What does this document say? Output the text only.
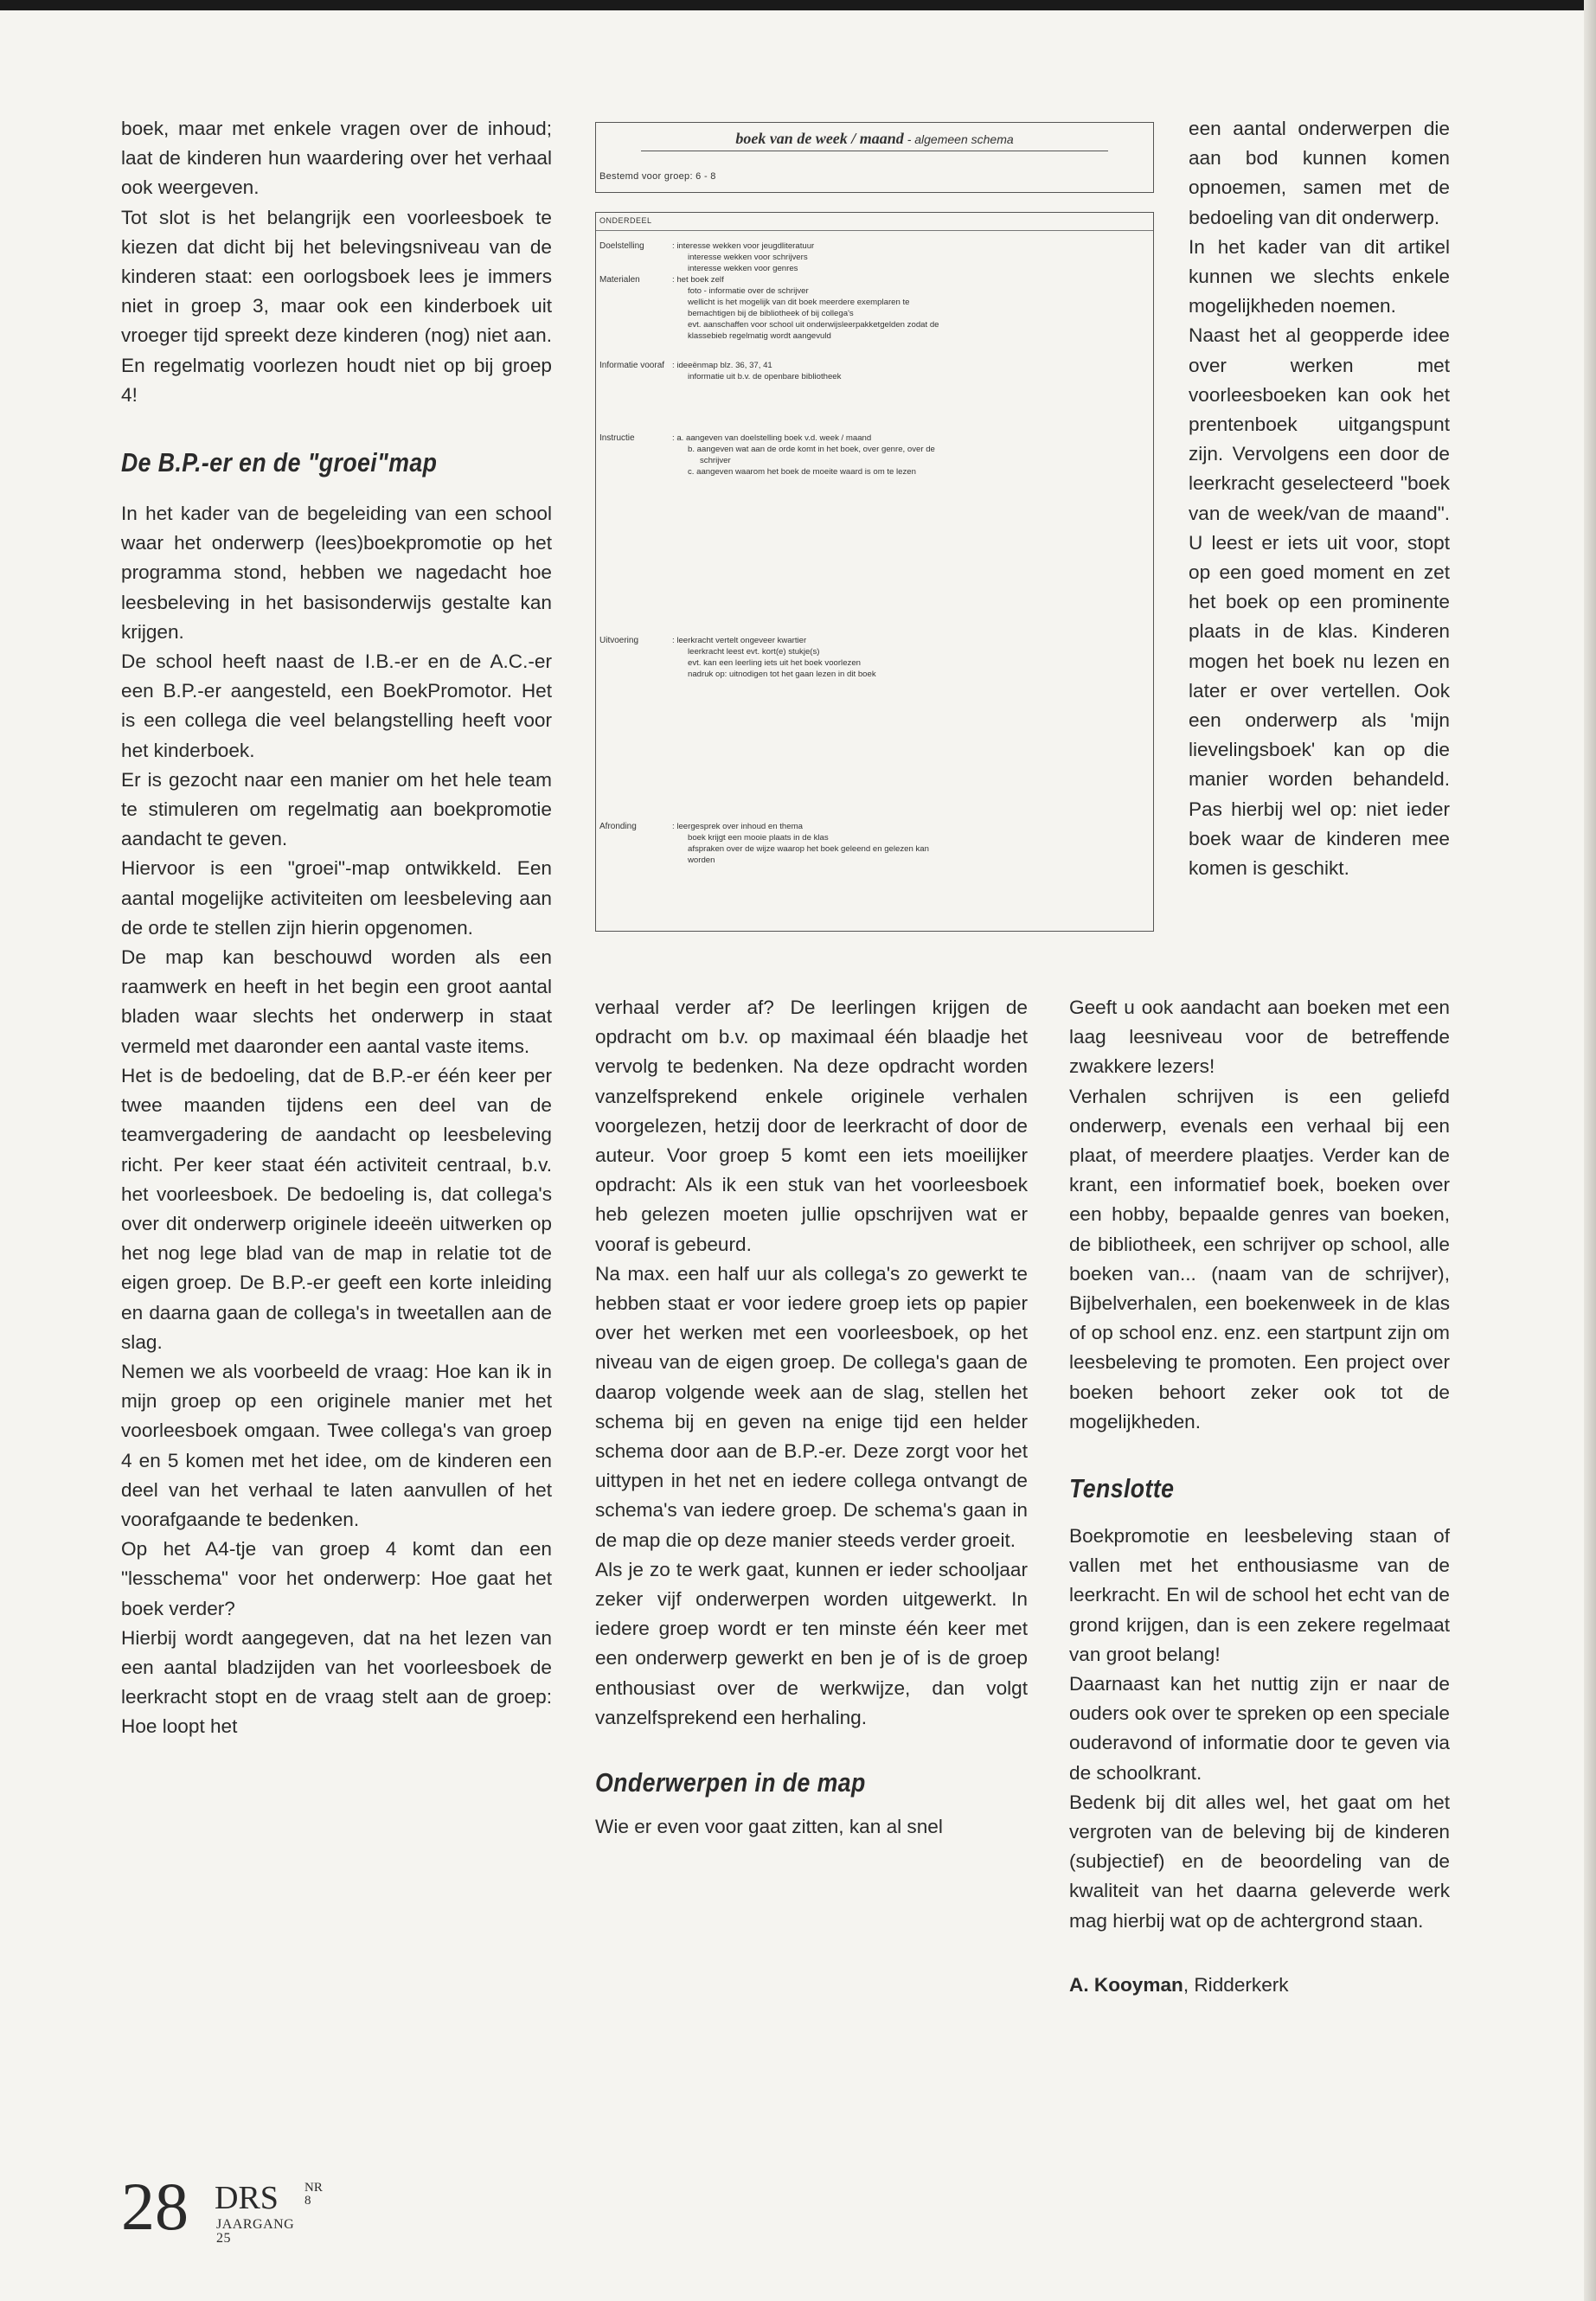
boek, maar met enkele vragen over de inhoud; laat de kinderen hun waardering over het verhaal ook weergeven.

Tot slot is het belangrijk een voorleesboek te kiezen dat dicht bij het belevingsniveau van de kinderen staat: een oorlogsboek lees je immers niet in groep 3, maar ook een kinderboek uit vroeger tijd spreekt deze kinderen (nog) niet aan. En regelmatig voorlezen houdt niet op bij groep 4!

De B.P.-er en de "groei"map

In het kader van de begeleiding van een school waar het onderwerp (lees)boekpromotie op het programma stond, hebben we nagedacht hoe leesbeleving in het basisonderwijs gestalte kan krijgen.

De school heeft naast de I.B.-er en de A.C.-er een B.P.-er aangesteld, een BoekPromotor. Het is een collega die veel belangstelling heeft voor het kinderboek.

Er is gezocht naar een manier om het hele team te stimuleren om regelmatig aan boekpromotie aandacht te geven.

Hiervoor is een "groei"-map ontwikkeld. Een aantal mogelijke activiteiten om leesbeleving aan de orde te stellen zijn hierin opgenomen.

De map kan beschouwd worden als een raamwerk en heeft in het begin een groot aantal bladen waar slechts het onderwerp in staat vermeld met daaronder een aantal vaste items.

Het is de bedoeling, dat de B.P.-er één keer per twee maanden tijdens een deel van de teamvergadering de aandacht op leesbeleving richt. Per keer staat één activiteit centraal, b.v. het voorleesboek. De bedoeling is, dat collega's over dit onderwerp originele ideeën uitwerken op het nog lege blad van de map in relatie tot de eigen groep. De B.P.-er geeft een korte inleiding en daarna gaan de collega's in tweetallen aan de slag.

Nemen we als voorbeeld de vraag: Hoe kan ik in mijn groep op een originele manier met het voorleesboek omgaan. Twee collega's van groep 4 en 5 komen met het idee, om de kinderen een deel van het verhaal te laten aanvullen of het voorafgaande te bedenken.

Op het A4-tje van groep 4 komt dan een "lesschema" voor het onderwerp: Hoe gaat het boek verder?

Hierbij wordt aangegeven, dat na het lezen van een aantal bladzijden van het voorleesboek de leerkracht stopt en de vraag stelt aan de groep: Hoe loopt het

boek van de week / maand - algemeen schema
Bestemd voor groep: 6 - 8
ONDERDEEL
Doelstelling	: interesse wekken voor jeugdliteratuur
interesse wekken voor schrijvers
interesse wekken voor genres
Materialen	: het boek zelf
foto - informatie over de schrijver
wellicht is het mogelijk van dit boek meerdere exemplaren te
bemachtigen bij de bibliotheek of bij collega's
evt. aanschaffen voor school uit onderwijsleerpakketgelden zodat de
klassebieb regelmatig wordt aangevuld
Informatie vooraf : ideeënmap blz. 36, 37, 41
informatie uit b.v. de openbare bibliotheek
Instructie	: a. aangeven van doelstelling boek v.d. week / maand
b. aangeven wat aan de orde komt in het boek, over genre, over de
schrijver
c. aangeven waarom het boek de moeite waard is om te lezen
Uitvoering	: leerkracht vertelt ongeveer kwartier
leerkracht leest evt. kort(e) stukje(s)
evt. kan een leerling iets uit het boek voorlezen
nadruk op: uitnodigen tot het gaan lezen in dit boek
Afronding	: leergesprek over inhoud en thema
boek krijgt een mooie plaats in de klas
afspraken over de wijze waarop het boek geleend en gelezen kan
worden

verhaal verder af? De leerlingen krijgen de opdracht om b.v. op maximaal één blaadje het vervolg te bedenken. Na deze opdracht worden vanzelfsprekend enkele originele verhalen voorgelezen, hetzij door de leerkracht of door de auteur. Voor groep 5 komt een iets moeilijker opdracht: Als ik een stuk van het voorleesboek heb gelezen moeten jullie opschrijven wat er vooraf is gebeurd.

Na max. een half uur als collega's zo gewerkt te hebben staat er voor iedere groep iets op papier over het werken met een voorleesboek, op het niveau van de eigen groep. De collega's gaan de daarop volgende week aan de slag, stellen het schema bij en geven na enige tijd een helder schema door aan de B.P.-er. Deze zorgt voor het uittypen in het net en iedere collega ontvangt de schema's van iedere groep. De schema's gaan in de map die op deze manier steeds verder groeit.

Als je zo te werk gaat, kunnen er ieder schooljaar zeker vijf onderwerpen worden uitgewerkt. In iedere groep wordt er ten minste één keer met een onderwerp gewerkt en ben je of is de groep enthousiast over de werkwijze, dan volgt vanzelfsprekend een herhaling.

Onderwerpen in de map

Wie er even voor gaat zitten, kan al snel

een aantal onderwerpen die aan bod kunnen komen opnoemen, samen met de bedoeling van dit onderwerp.

In het kader van dit artikel kunnen we slechts enkele mogelijkheden noemen.

Naast het al geopperde idee over werken met voorleesboeken kan ook het prentenboek uitgangspunt zijn. Vervolgens een door de leerkracht geselecteerd "boek van de week/van de maand". U leest er iets uit voor, stopt op een goed moment en zet het boek op een prominente plaats in de klas. Kinderen mogen het boek nu lezen en later er over vertellen. Ook een onderwerp als 'mijn lievelingsboek' kan op die manier worden behandeld. Pas hierbij wel op: niet ieder boek waar de kinderen mee komen is geschikt.

Geeft u ook aandacht aan boeken met een laag leesniveau voor de betreffende zwakkere lezers!

Verhalen schrijven is een geliefd onderwerp, evenals een verhaal bij een plaat, of meerdere plaatjes. Verder kan de krant, een informatief boek, boeken over een hobby, bepaalde genres van boeken, de bibliotheek, een schrijver op school, alle boeken van... (naam van de schrijver), Bijbelverhalen, een boekenweek in de klas of op school enz. enz. een startpunt zijn om leesbeleving te promoten. Een project over boeken behoort zeker ook tot de mogelijkheden.

Tenslotte

Boekpromotie en leesbeleving staan of vallen met het enthousiasme van de leerkracht. En wil de school het echt van de grond krijgen, dan is een zekere regelmaat van groot belang!

Daarnaast kan het nuttig zijn er naar de ouders ook over te spreken op een speciale ouderavond of informatie door te geven via de schoolkrant.

Bedenk bij dit alles wel, het gaat om het vergroten van de beleving bij de kinderen (subjectief) en de beoordeling van de kwaliteit van het daarna geleverde werk mag hierbij wat op de achtergrond staan.

A. Kooyman, Ridderkerk

28 DRS NR 8
JAARGANG 25
